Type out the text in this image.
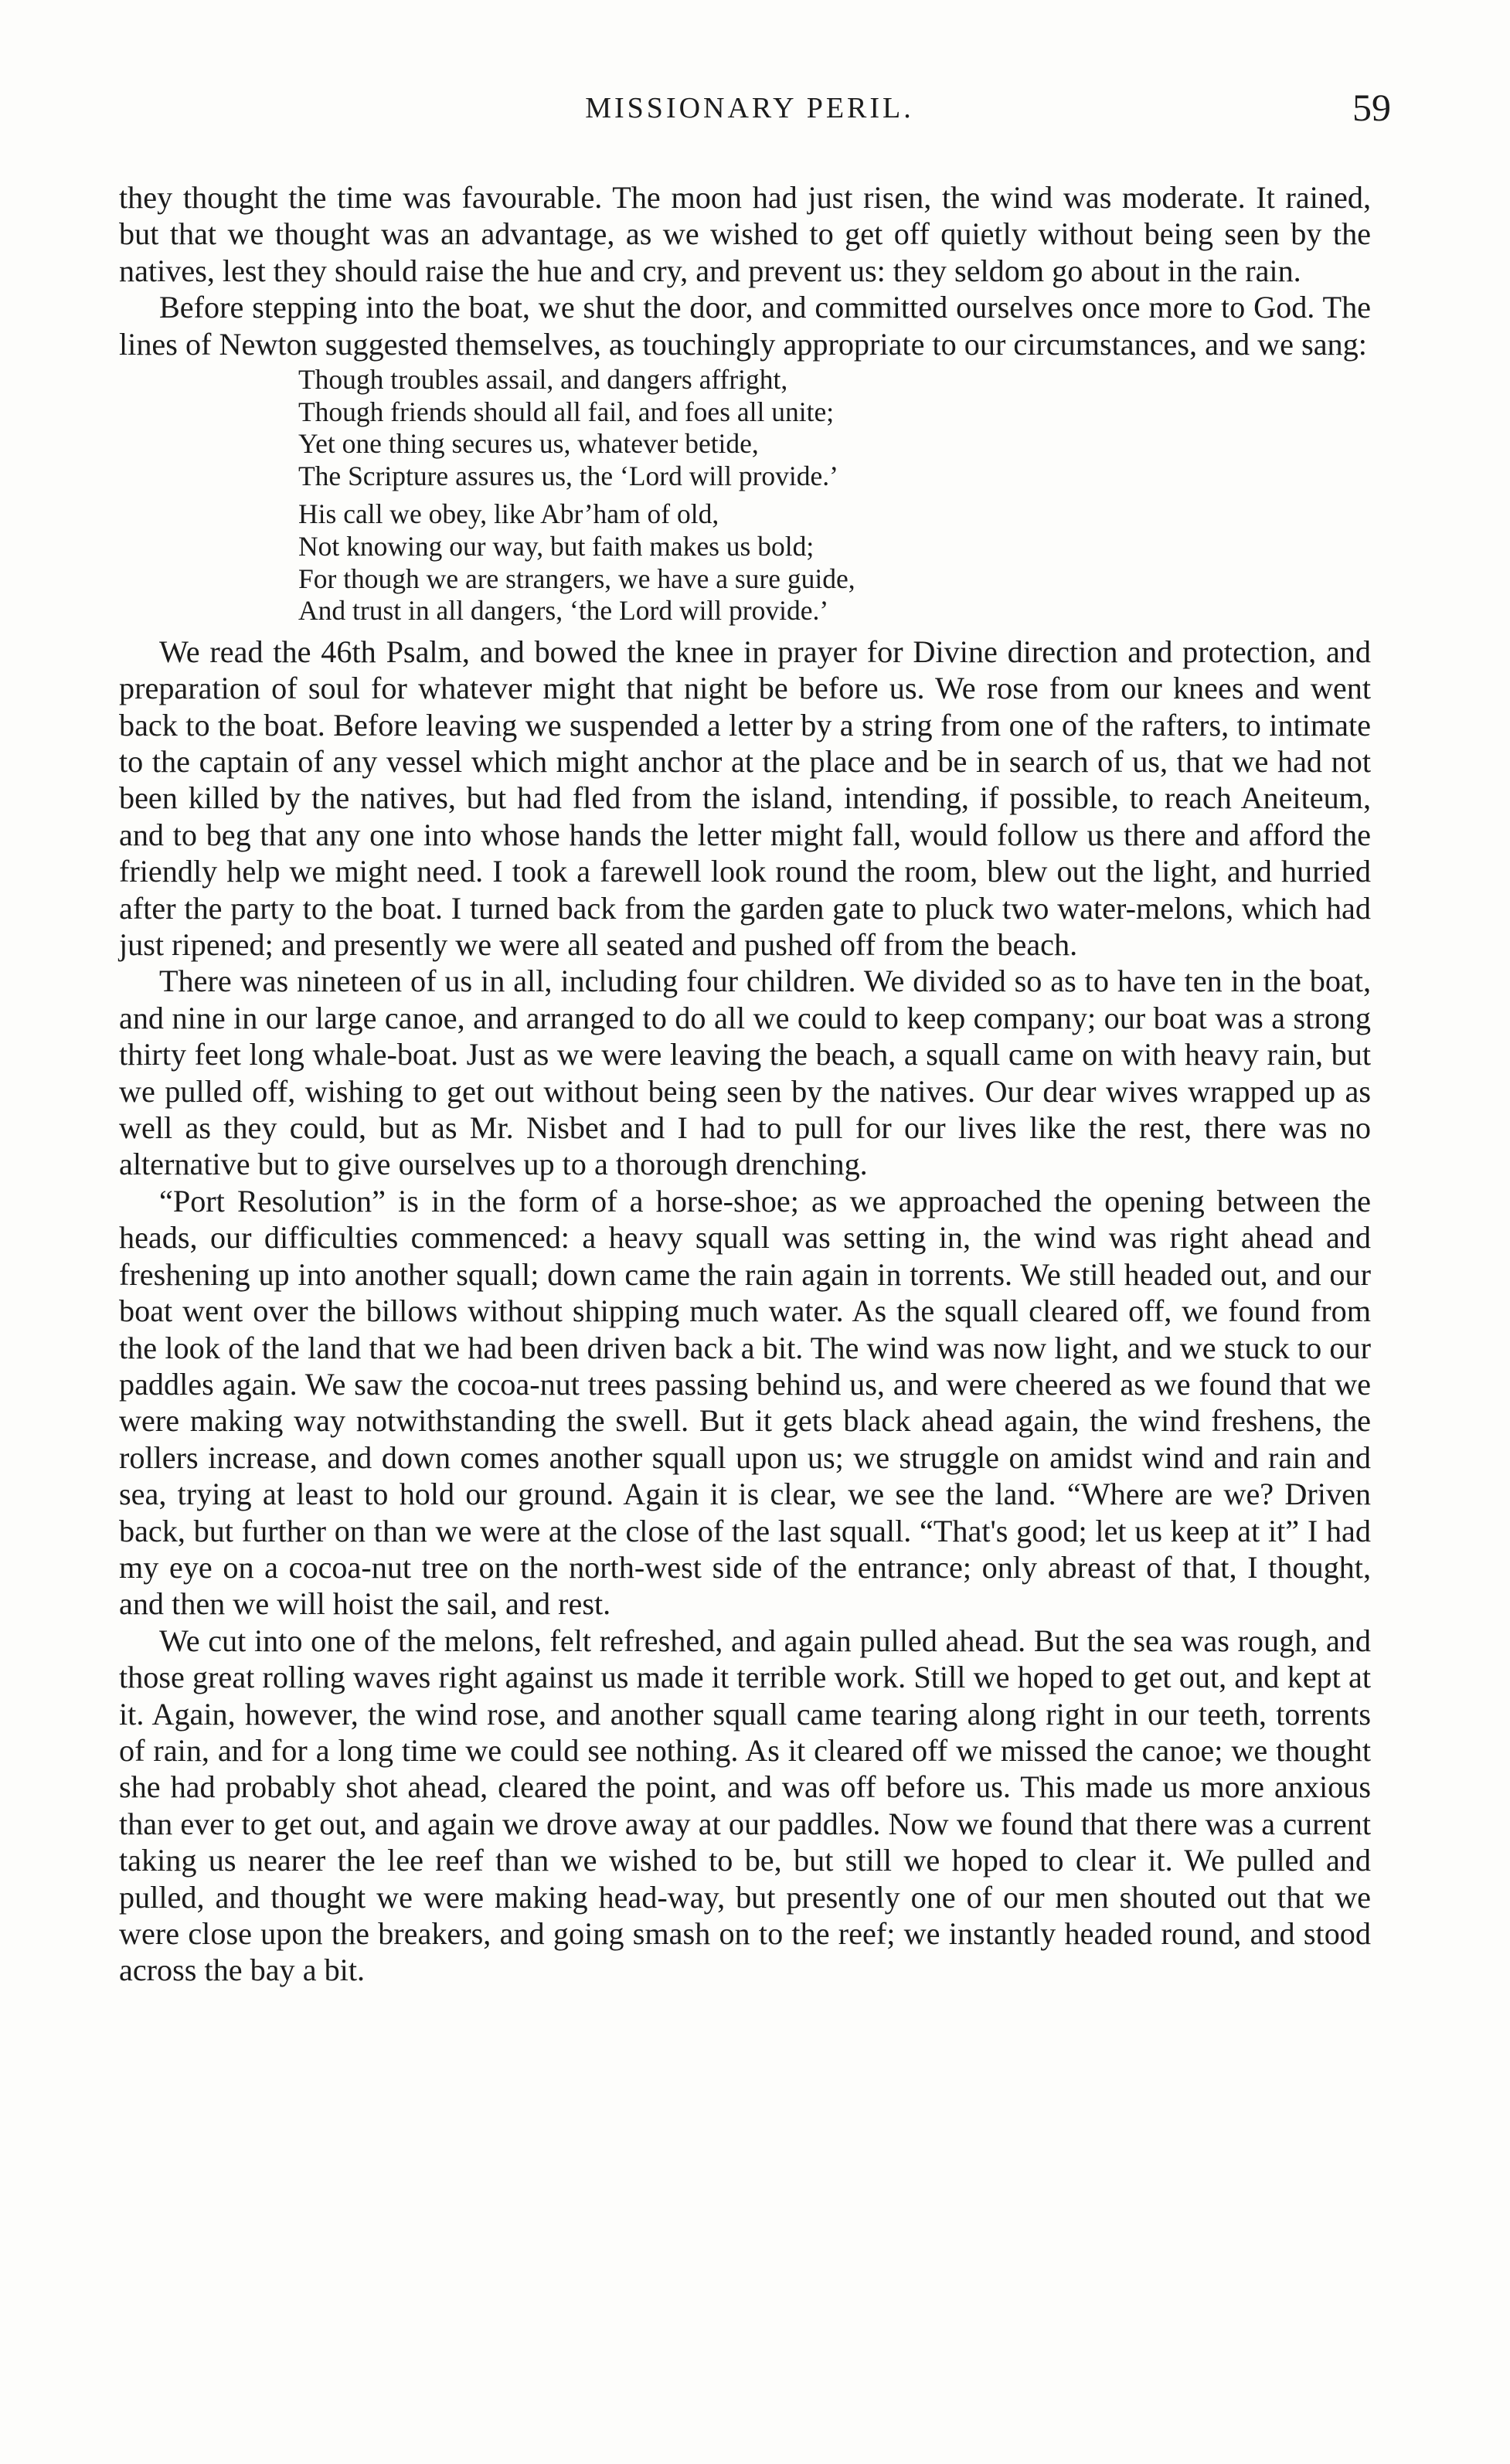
MISSIONARY PERIL.	59

they thought the time was favourable. The moon had just risen, the wind was moderate. It rained, but that we thought was an advantage, as we wished to get off quietly without being seen by the natives, lest they should raise the hue and cry, and prevent us: they seldom go about in the rain.

Before stepping into the boat, we shut the door, and committed ourselves once more to God. The lines of Newton suggested themselves, as touchingly appropriate to our circumstances, and we sang:

Though troubles assail, and dangers affright,
Though friends should all fail, and foes all unite;
Yet one thing secures us, whatever betide,
The Scripture assures us, the ‘Lord will provide.’
His call we obey, like Abr’ham of old,
Not knowing our way, but faith makes us bold;
For though we are strangers, we have a sure guide,
And trust in all dangers, ‘the Lord will provide.’

We read the 46th Psalm, and bowed the knee in prayer for Divine direction and protection, and preparation of soul for whatever might that night be before us. We rose from our knees and went back to the boat. Before leaving we suspended a letter by a string from one of the rafters, to intimate to the captain of any vessel which might anchor at the place and be in search of us, that we had not been killed by the natives, but had fled from the island, intending, if possible, to reach Aneiteum, and to beg that any one into whose hands the letter might fall, would follow us there and afford the friendly help we might need. I took a farewell look round the room, blew out the light, and hurried after the party to the boat. I turned back from the garden gate to pluck two water-melons, which had just ripened; and presently we were all seated and pushed off from the beach.

There was nineteen of us in all, including four children. We divided so as to have ten in the boat, and nine in our large canoe, and arranged to do all we could to keep company; our boat was a strong thirty feet long whale-boat. Just as we were leaving the beach, a squall came on with heavy rain, but we pulled off, wishing to get out without being seen by the natives. Our dear wives wrapped up as well as they could, but as Mr. Nisbet and I had to pull for our lives like the rest, there was no alternative but to give ourselves up to a thorough drenching.

“Port Resolution” is in the form of a horse-shoe; as we approached the opening between the heads, our difficulties commenced: a heavy squall was setting in, the wind was right ahead and freshening up into another squall; down came the rain again in torrents. We still headed out, and our boat went over the billows without shipping much water. As the squall cleared off, we found from the look of the land that we had been driven back a bit. The wind was now light, and we stuck to our paddles again. We saw the cocoa-nut trees passing behind us, and were cheered as we found that we were making way notwithstanding the swell. But it gets black ahead again, the wind freshens, the rollers increase, and down comes another squall upon us; we struggle on amidst wind and rain and sea, trying at least to hold our ground. Again it is clear, we see the land. “Where are we? Driven back, but further on than we were at the close of the last squall. “That's good; let us keep at it” I had my eye on a cocoa-nut tree on the north-west side of the entrance; only abreast of that, I thought, and then we will hoist the sail, and rest.

We cut into one of the melons, felt refreshed, and again pulled ahead. But the sea was rough, and those great rolling waves right against us made it terrible work. Still we hoped to get out, and kept at it. Again, however, the wind rose, and another squall came tearing along right in our teeth, torrents of rain, and for a long time we could see nothing. As it cleared off we missed the canoe; we thought she had probably shot ahead, cleared the point, and was off before us. This made us more anxious than ever to get out, and again we drove away at our paddles. Now we found that there was a current taking us nearer the lee reef than we wished to be, but still we hoped to clear it. We pulled and pulled, and thought we were making head-way, but presently one of our men shouted out that we were close upon the breakers, and going smash on to the reef; we instantly headed round, and stood across the bay a bit.
